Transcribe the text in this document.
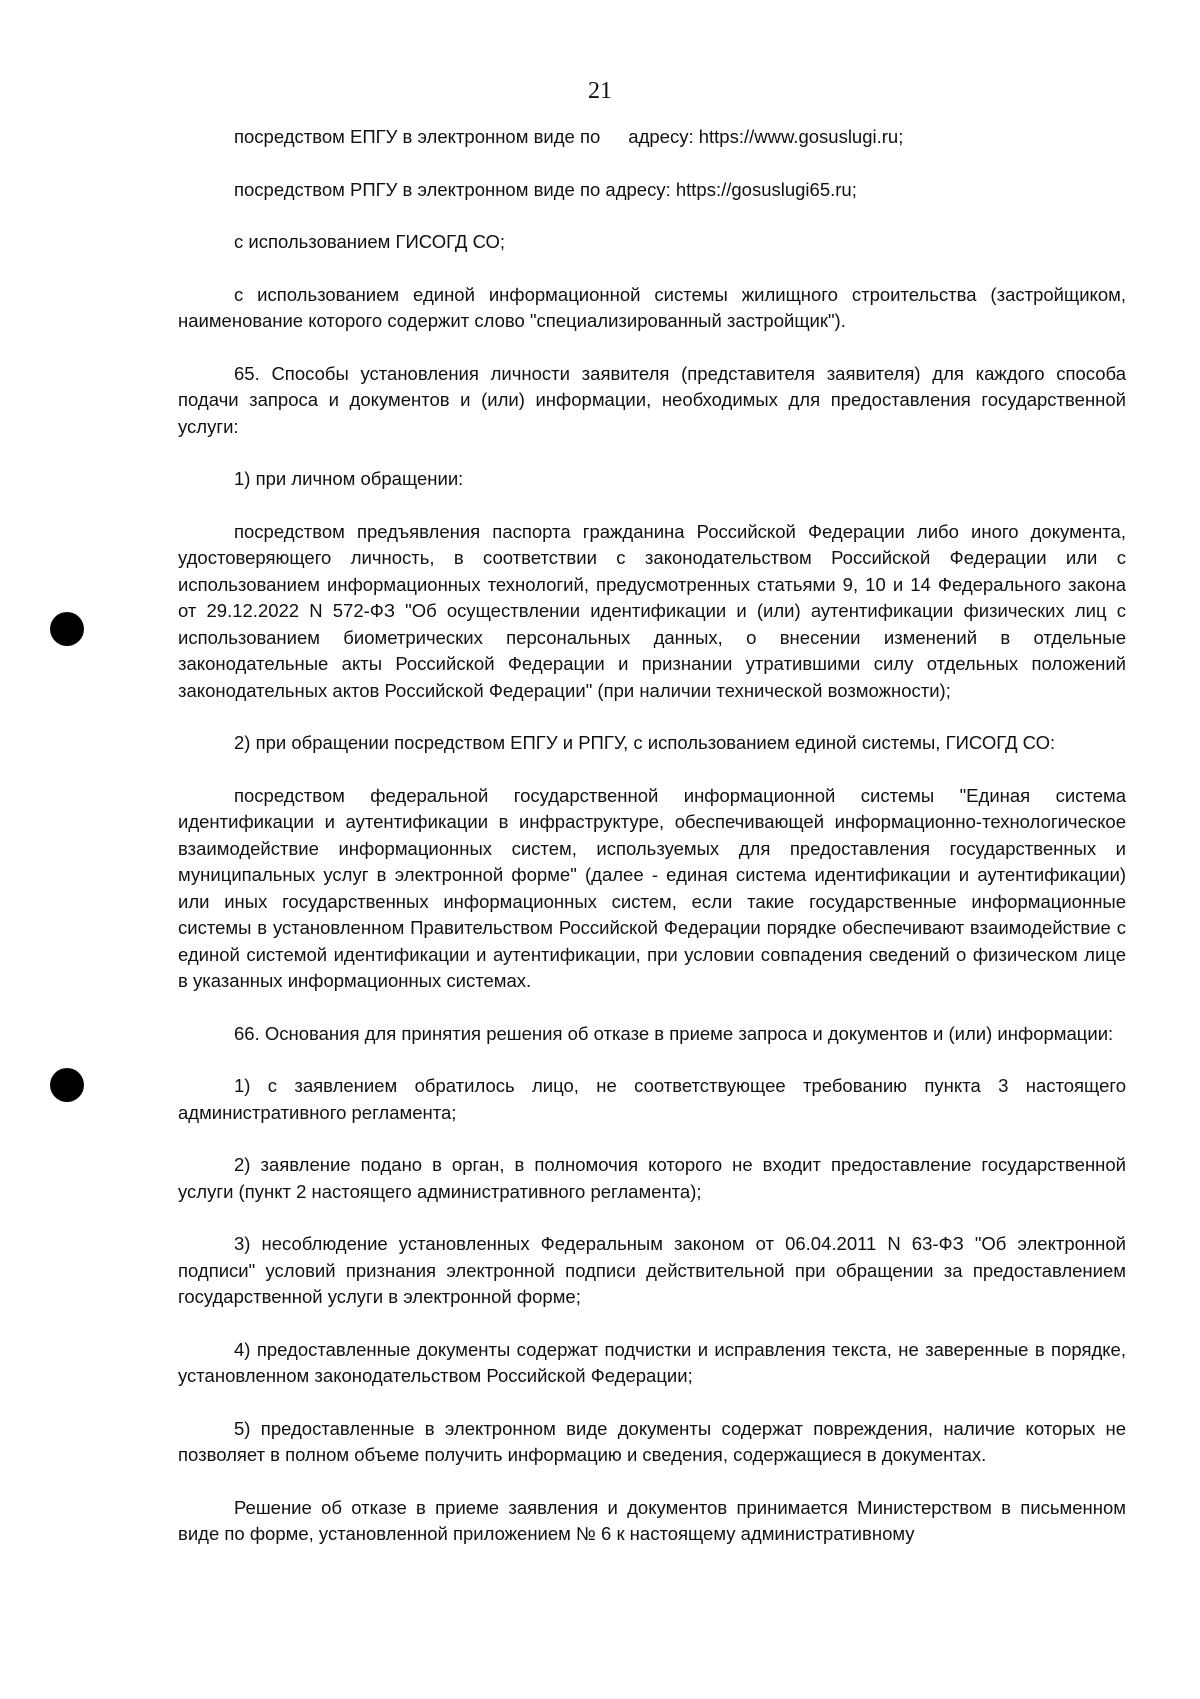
21

посредством ЕПГУ в электронном виде по адресу: https://www.gosuslugi.ru;

посредством РПГУ в электронном виде по адресу: https://gosuslugi65.ru;

с использованием ГИСОГД СО;

с использованием единой информационной системы жилищного строительства (застройщиком, наименование которого содержит слово "специализированный застройщик").

65. Способы установления личности заявителя (представителя заявителя) для каждого способа подачи запроса и документов и (или) информации, необходимых для предоставления государственной услуги:

1) при личном обращении:

посредством предъявления паспорта гражданина Российской Федерации либо иного документа, удостоверяющего личность, в соответствии с законодательством Российской Федерации или с использованием информационных технологий, предусмотренных статьями 9, 10 и 14 Федерального закона от 29.12.2022 N 572-ФЗ "Об осуществлении идентификации и (или) аутентификации физических лиц с использованием биометрических персональных данных, о внесении изменений в отдельные законодательные акты Российской Федерации и признании утратившими силу отдельных положений законодательных актов Российской Федерации" (при наличии технической возможности);

2) при обращении посредством ЕПГУ и РПГУ, с использованием единой системы, ГИСОГД СО:

посредством федеральной государственной информационной системы "Единая система идентификации и аутентификации в инфраструктуре, обеспечивающей информационно-технологическое взаимодействие информационных систем, используемых для предоставления государственных и муниципальных услуг в электронной форме" (далее - единая система идентификации и аутентификации) или иных государственных информационных систем, если такие государственные информационные системы в установленном Правительством Российской Федерации порядке обеспечивают взаимодействие с единой системой идентификации и аутентификации, при условии совпадения сведений о физическом лице в указанных информационных системах.

66. Основания для принятия решения об отказе в приеме запроса и документов и (или) информации:

1) с заявлением обратилось лицо, не соответствующее требованию пункта 3 настоящего административного регламента;

2) заявление подано в орган, в полномочия которого не входит предоставление государственной услуги (пункт 2 настоящего административного регламента);

3) несоблюдение установленных Федеральным законом от 06.04.2011 N 63-ФЗ "Об электронной подписи" условий признания электронной подписи действительной при обращении за предоставлением государственной услуги в электронной форме;

4) предоставленные документы содержат подчистки и исправления текста, не заверенные в порядке, установленном законодательством Российской Федерации;

5) предоставленные в электронном виде документы содержат повреждения, наличие которых не позволяет в полном объеме получить информацию и сведения, содержащиеся в документах.

Решение об отказе в приеме заявления и документов принимается Министерством в письменном виде по форме, установленной приложением № 6 к настоящему административному
